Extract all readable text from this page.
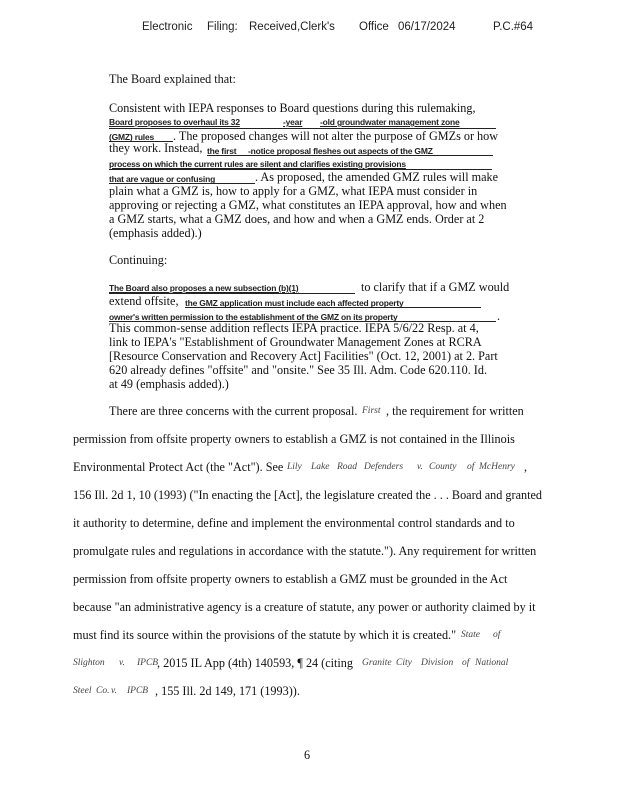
Electronic Filing: Received,Clerk's Office 06/17/2024	P.C.#64
The Board explained that:
Consistent with IEPA responses to Board questions during this rulemaking,
Board proposes to overhaul its 32	-year -old groundwater management zone
(GMZ) rules . The proposed changes will not alter the purpose of GMZs or how
they work. Instead, the first -notice proposal fleshes out aspects of the GMZ
process on which the current rules are silent and clarifies existing provisions
that are vague or confusing	. As proposed, the amended GMZ rules will make
plain what a GMZ is, how to apply for a GMZ, what IEPA must consider in
approving or rejecting a GMZ, what constitutes an IEPA approval, how and when
a GMZ starts, what a GMZ does, and how and when a GMZ ends. Order at 2
(emphasis added).)
Continuing:
The Board also proposes a new subsection (b)(1)	to clarify that if a GMZ would
extend offsite, the GMZ application must include each affected property
owner's written permission to the establishment of the GMZ on its property	.
This common-sense addition reflects IEPA practice. IEPA 5/6/22 Resp. at 4,
link to IEPA's "Establishment of Groundwater Management Zones at RCRA
[Resource Conservation and Recovery Act] Facilities" (Oct. 12, 2001) at 2. Part
620 already defines "offsite" and "onsite." See 35 Ill. Adm. Code 620.110. Id.
at 49 (emphasis added).)
There are three concerns with the current proposal. First , the requirement for written
permission from offsite property owners to establish a GMZ is not contained in the Illinois
Environmental Protect Act (the "Act"). See Lily Lake Road Defenders v. County of McHenry ,
156 Ill. 2d 1, 10 (1993) ("In enacting the [Act], the legislature created the . . . Board and granted
it authority to determine, define and implement the environmental control standards and to
promulgate rules and regulations in accordance with the statute."). Any requirement for written
permission from offsite property owners to establish a GMZ must be grounded in the Act
because "an administrative agency is a creature of statute, any power or authority claimed by it
must find its source within the provisions of the statute by which it is created." State of
Slighton v. IPCB
, 2015 IL App (4th) 140593, ¶ 24 (citing Granite City Division of National
Steel Co. v. IPCB , 155 Ill. 2d 149, 171 (1993)).
6
